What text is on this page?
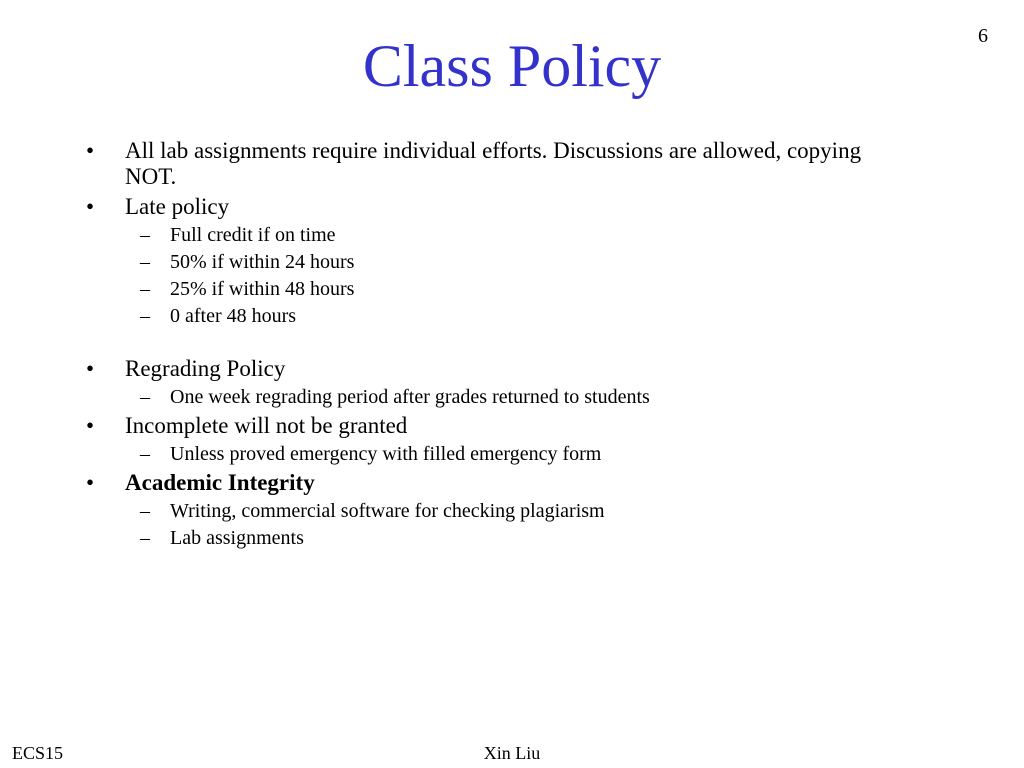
6
Class Policy
•	All lab assignments require individual efforts. Discussions are allowed, copying NOT.
•	Late policy
– Full credit if on time
– 50% if within 24 hours
– 25% if within 48 hours
– 0 after 48 hours
•	Regrading Policy
– One week regrading period after grades returned to students
•	Incomplete will not be granted
– Unless proved emergency with filled emergency form
•	Academic Integrity
– Writing, commercial software for checking plagiarism
– Lab assignments
ECS15	Xin Liu
